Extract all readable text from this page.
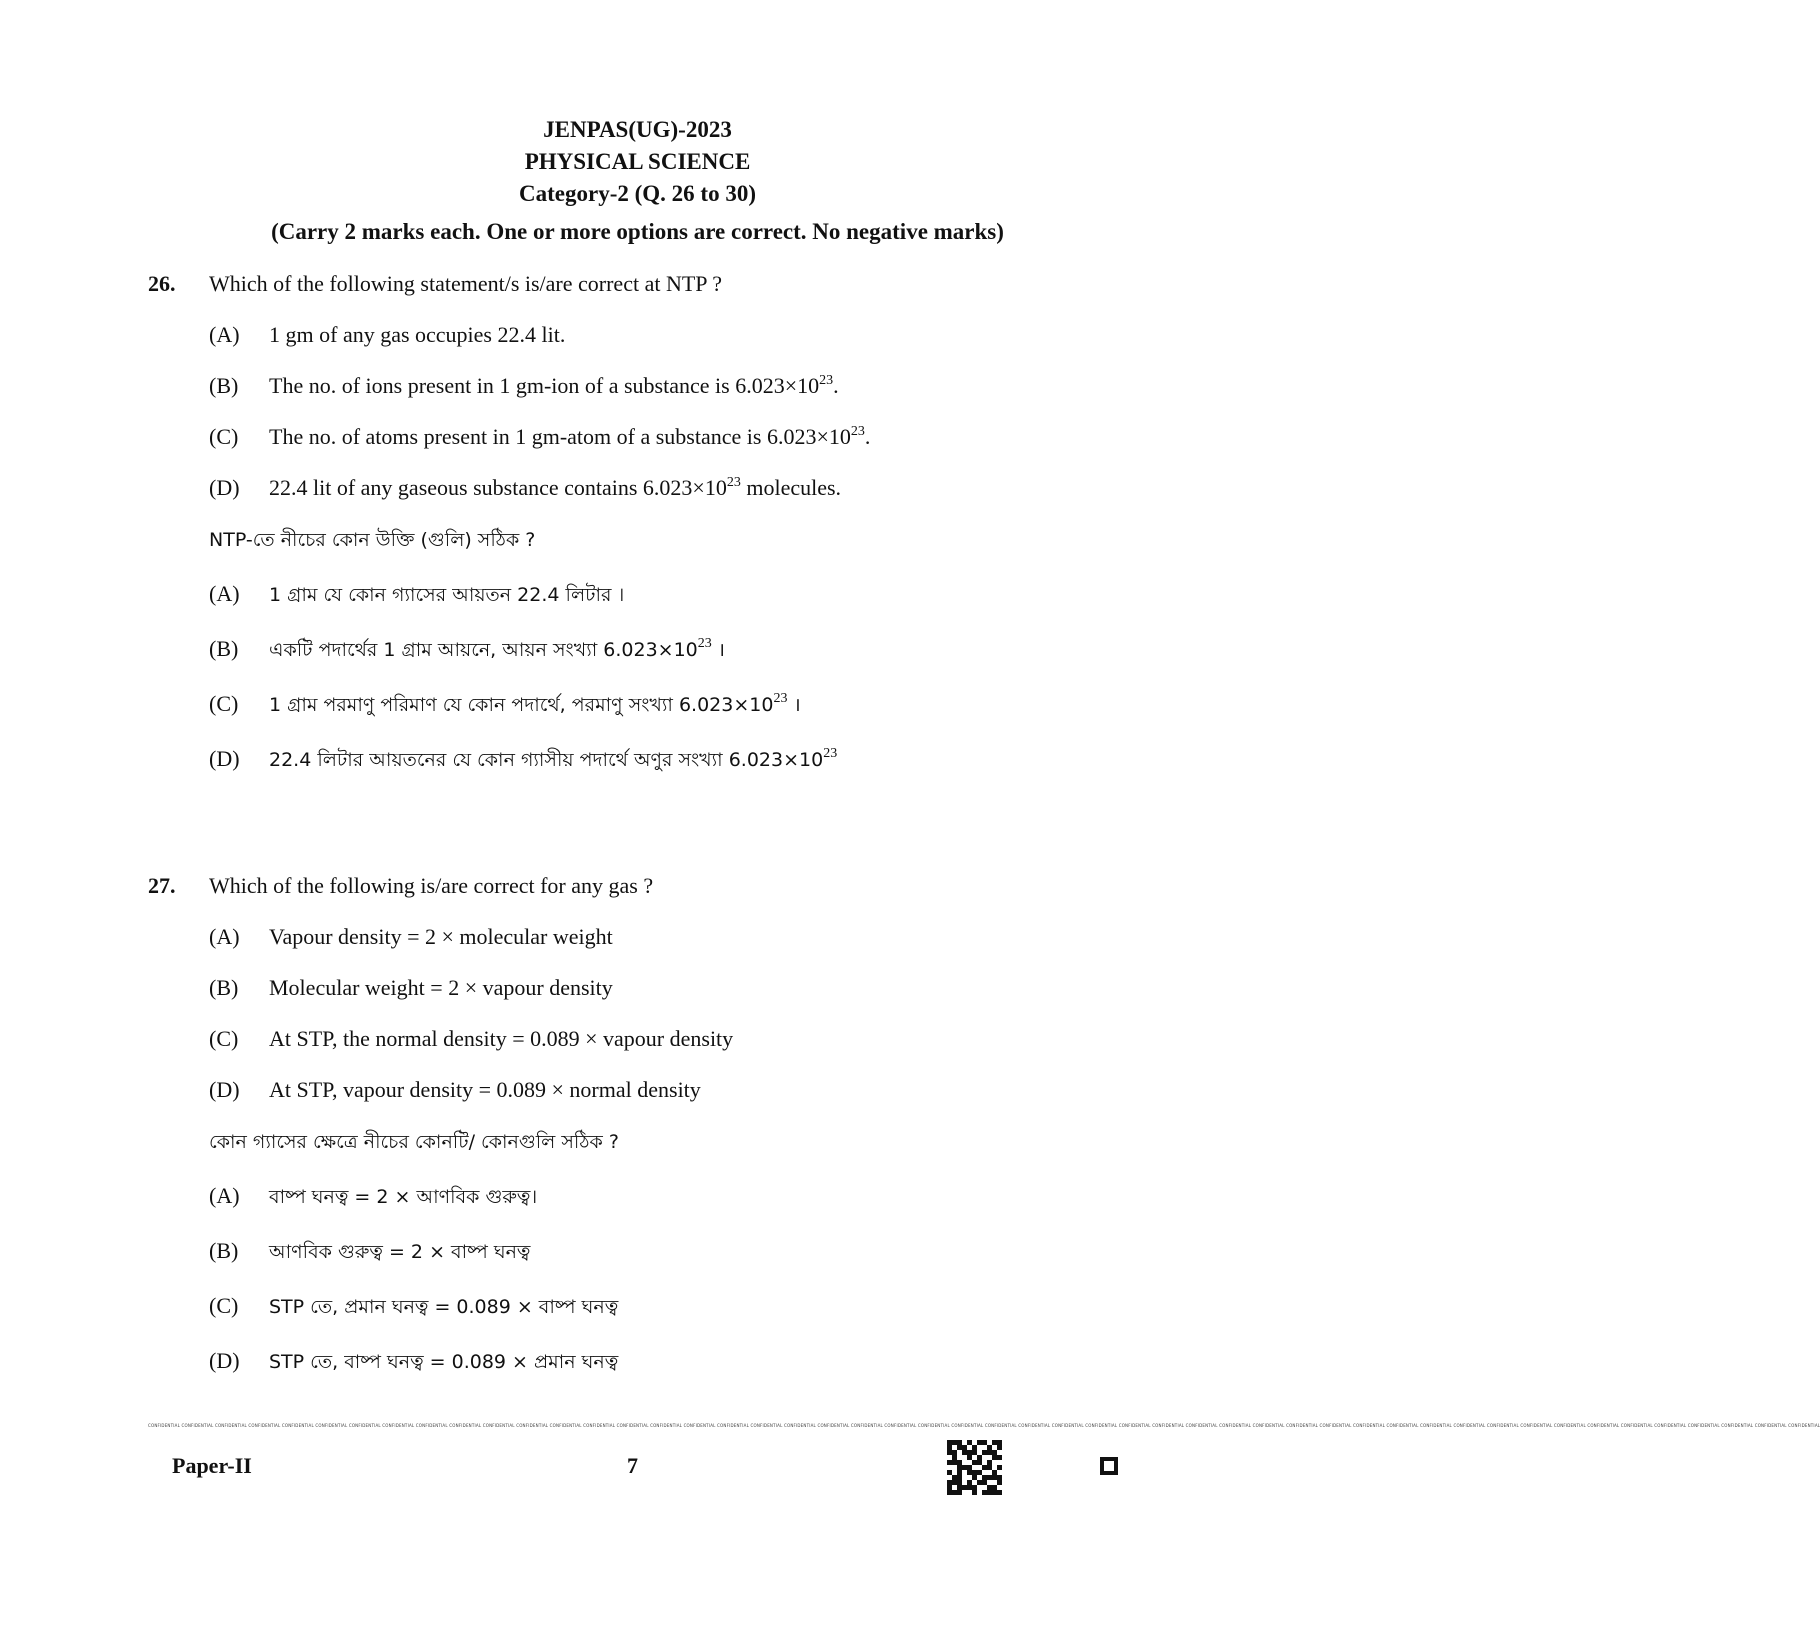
JENPAS(UG)-2023
PHYSICAL SCIENCE
Category-2 (Q. 26 to 30)
(Carry 2 marks each. One or more options are correct. No negative marks)
26. Which of the following statement/s is/are correct at NTP ?
(A) 1 gm of any gas occupies 22.4 lit.
(B) The no. of ions present in 1 gm-ion of a substance is $6.023\times 10^{23}$.
(C) The no. of atoms present in 1 gm-atom of a substance is $6.023\times 10^{23}$.
(D) 22.4 lit of any gaseous substance contains $6.023\times 10^{23}$ molecules.
NTP-তে নীচের কোন উক্তি (গুলি) সঠিক ?
(A) 1 গ্রাম যে কোন গ্যাসের আয়তন 22.4 লিটার ।
(B) একটি পদার্থের 1 গ্রাম আয়নে, আয়ন সংখ্যা $6.023\times 10^{23}$ ।
(C) 1 গ্রাম পরমাণু পরিমাণ যে কোন পদার্থে, পরমাণু সংখ্যা $6.023\times 10^{23}$ ।
(D) 22.4 লিটার আয়তনের যে কোন গ্যাসীয় পদার্থে অণুর সংখ্যা $6.023\times 10^{23}$
27. Which of the following is/are correct for any gas ?
(A) Vapour density = 2 × molecular weight
(B) Molecular weight = 2 × vapour density
(C) At STP, the normal density = 0.089 × vapour density
(D) At STP, vapour density = 0.089 × normal density
কোন গ্যাসের ক্ষেত্রে নীচের কোনটি/ কোনগুলি সঠিক ?
(A) বাষ্প ঘনত্ব = 2 × আণবিক গুরুত্ব।
(B) আণবিক গুরুত্ব = 2 × বাষ্প ঘনত্ব
(C) STP তে, প্রমান ঘনত্ব = 0.089 × বাষ্প ঘনত্ব
(D) STP তে, বাষ্প ঘনত্ব = 0.089 × প্রমান ঘনত্ব
CONFIDENTIAL CONFIDENTIAL CONFIDENTIAL CONFIDENTIAL CONFIDENTIAL CONFIDENTIAL CONFIDENTIAL CONFIDENTIAL CONFIDENTIAL CONFIDENTIAL CONFIDENTIAL CONFIDENTIAL CONFIDENTIAL CONFIDENTIAL CONFIDENTIAL CONFIDENTIAL CONFIDENTIAL CONFIDENTIAL CONFIDENTIAL CONFIDENTIAL CONFIDENTIAL CONFIDENTIAL CONFIDENTIAL CONFIDENTIAL CONFIDENTIAL CONFIDENTIAL CONFIDENTIAL CONFIDENTIAL CONFIDENTIAL CONFIDENTIAL CONFIDENTIAL CONFIDENTIAL CONFIDENTIAL CONFIDENTIAL CONFIDENTIAL CONFIDENTIAL CONFIDENTIAL CONFIDENTIAL CONFIDENTIAL CONFIDENTIAL CONFIDENTIAL CONFIDENTIAL CONFIDENTIAL CONFIDENTIAL CONFIDENTIAL CONFIDENTIAL CONFIDENTIAL CONFIDENTIAL CONFIDENTIAL CONFIDENTIAL
Paper-II	7
